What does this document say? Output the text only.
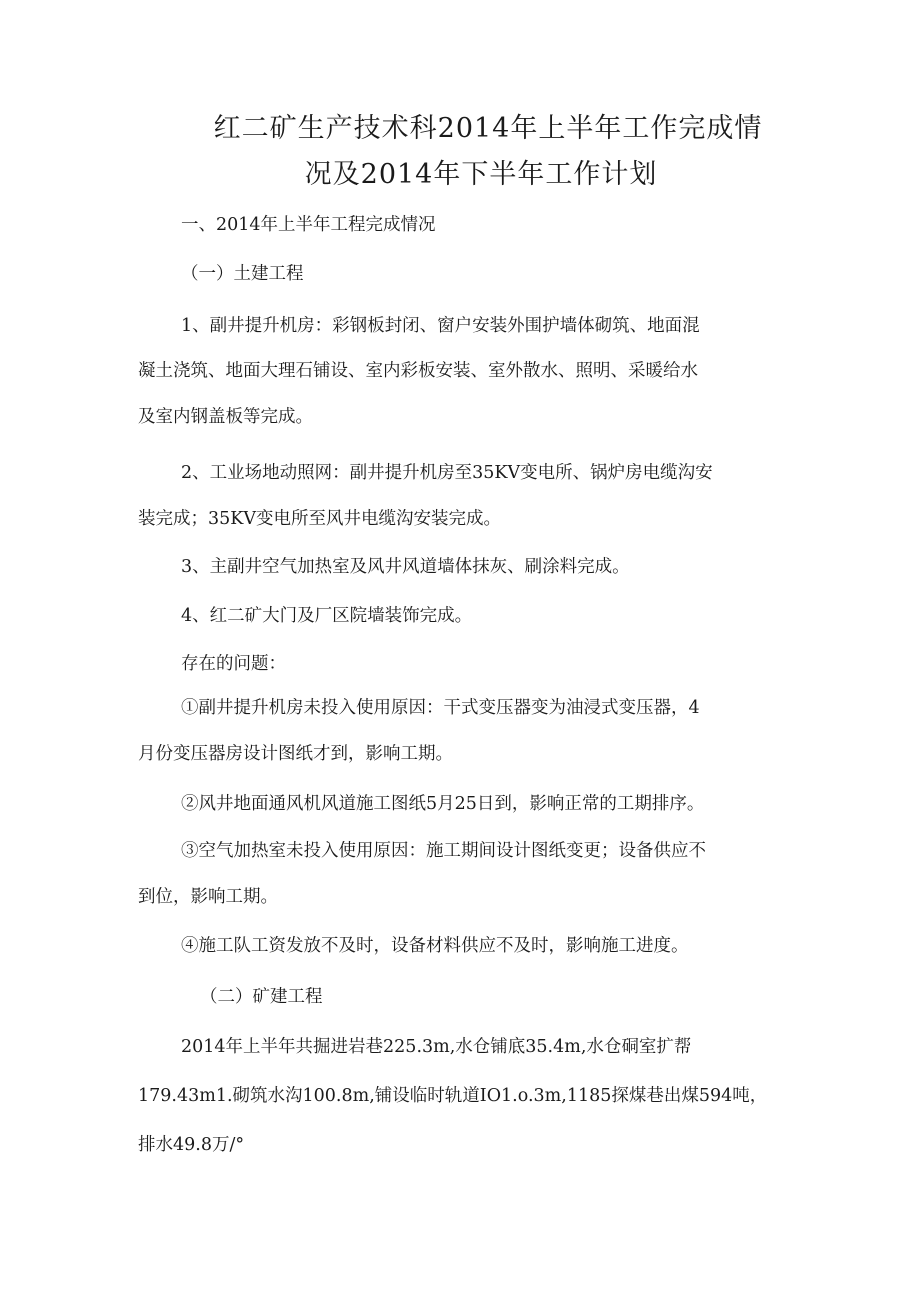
红二矿生产技术科2014年上半年工作完成情
况及2014年下半年工作计划
一、2014年上半年工程完成情况
（一）土建工程
1、副井提升机房：彩钢板封闭、窗户安装外围护墙体砌筑、地面混
凝土浇筑、地面大理石铺设、室内彩板安装、室外散水、照明、采暖给水
及室内钢盖板等完成。
2、工业场地动照网：副井提升机房至35KV变电所、锅炉房电缆沟安
装完成；35KV变电所至风井电缆沟安装完成。
3、主副井空气加热室及风井风道墙体抹灰、刷涂料完成。
4、红二矿大门及厂区院墙装饰完成。
存在的问题：
①副井提升机房未投入使用原因：干式变压器变为油浸式变压器，4
月份变压器房设计图纸才到，影响工期。
②风井地面通风机风道施工图纸5月25日到，影响正常的工期排序。
③空气加热室未投入使用原因：施工期间设计图纸变更；设备供应不
到位，影响工期。
④施工队工资发放不及时，设备材料供应不及时，影响施工进度。
（二）矿建工程
2014年上半年共掘进岩巷225.3m,水仓铺底35.4m,水仓硐室扩帮
179.43m1.砌筑水沟100.8m,铺设临时轨道IO1.o.3m,1185探煤巷出煤594吨，
排水49.8万/°
